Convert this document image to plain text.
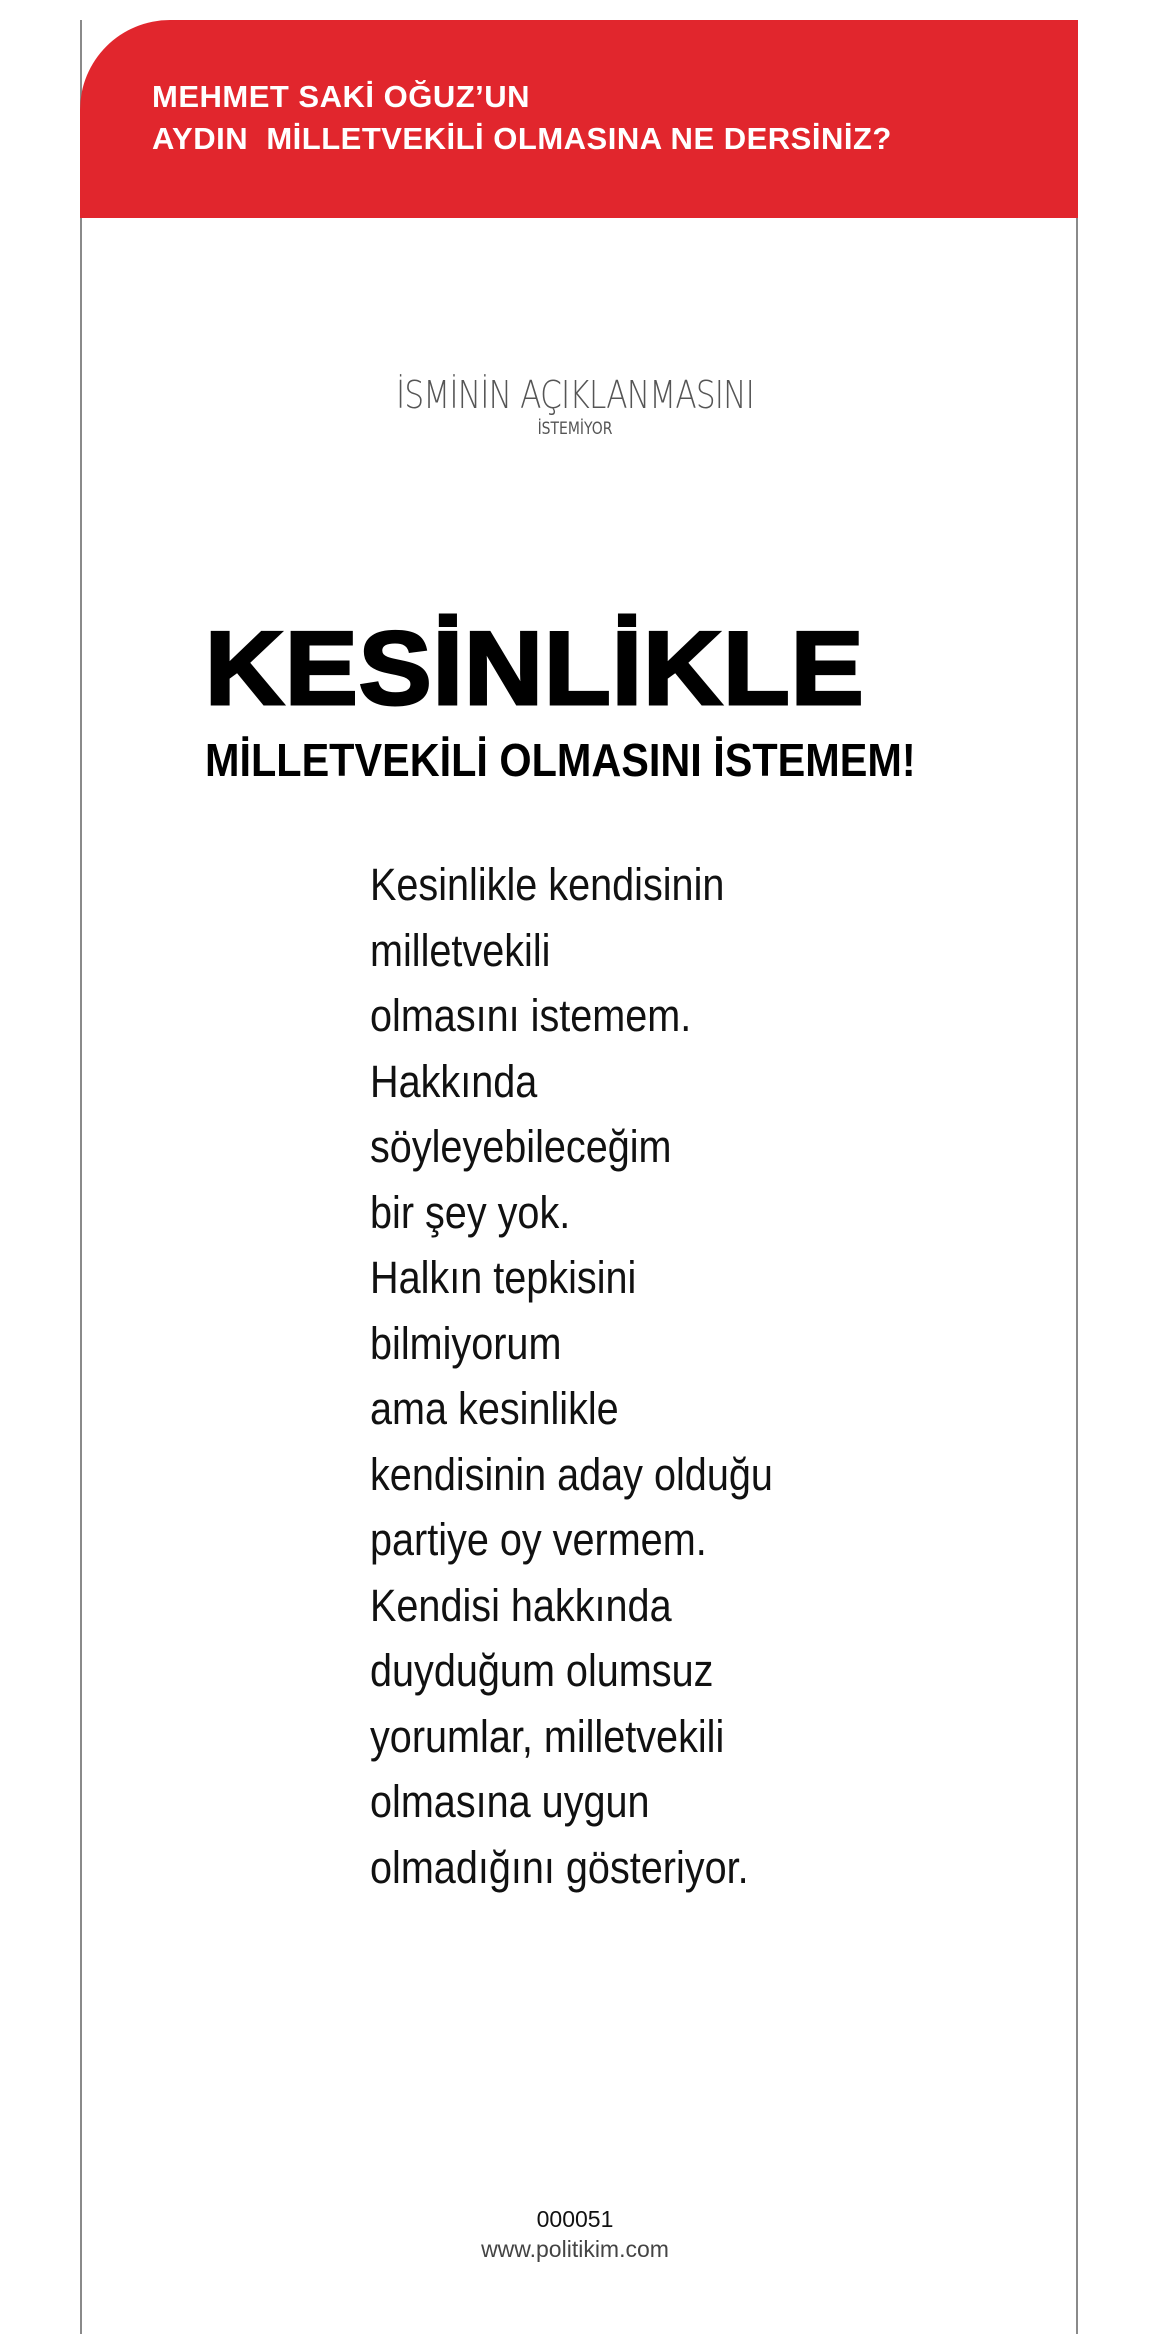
MEHMET SAKİ OĞUZ’UN
AYDIN  MİLLETVEKİLİ OLMASINA NE DERSİNİZ?
İSMİNİN AÇIKLANMASINI
İSTEMİYOR
KESİNLİKLE
MİLLETVEKİLİ OLMASINI İSTEMEM!
Kesinlikle kendisinin
milletvekili
olmasını istemem.
Hakkında
söyleyebileceğim
bir şey yok.
Halkın tepkisini
bilmiyorum
ama kesinlikle
kendisinin aday olduğu
partiye oy vermem.
Kendisi hakkında
duyduğum olumsuz
yorumlar, milletvekili
olmasına uygun
olmadığını gösteriyor.
000051
www.politikim.com
